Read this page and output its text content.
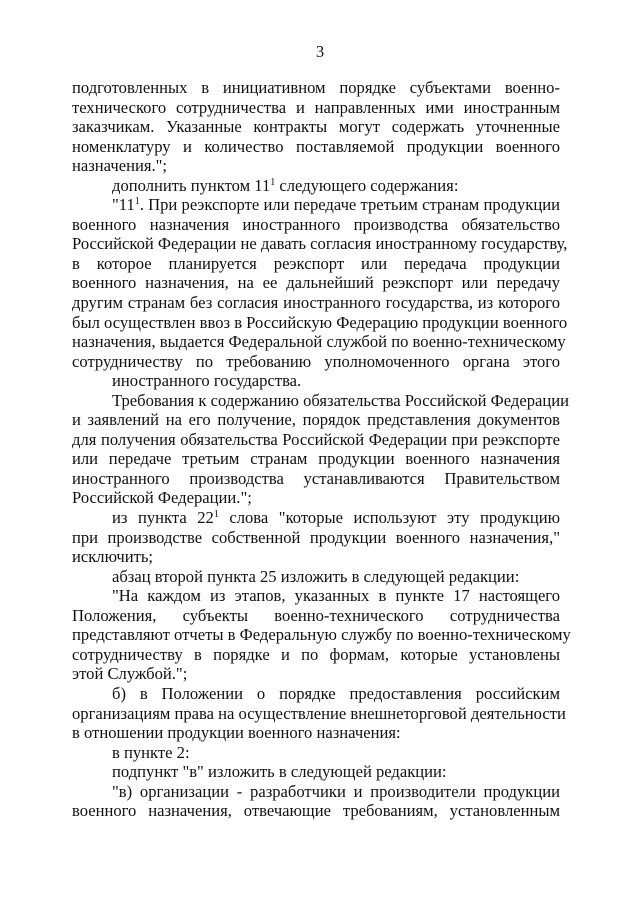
3
подготовленных в инициативном порядке субъектами военно-
технического сотрудничества и направленных ими иностранным
заказчикам. Указанные контракты могут содержать уточненные
номенклатуру и количество поставляемой продукции военного
назначения.";
дополнить пунктом $11^1$ следующего содержания:
"$11^1$. При реэкспорте или передаче третьим странам продукции
военного назначения иностранного производства обязательство
Российской Федерации не давать согласия иностранному государству,
в которое планируется реэкспорт или передача продукции
военного назначения, на ее дальнейший реэкспорт или передачу
другим странам без согласия иностранного государства, из которого
был осуществлен ввоз в Российскую Федерацию продукции военного
назначения, выдается Федеральной службой по военно-техническому
сотрудничеству по требованию уполномоченного органа этого
иностранного государства.
Требования к содержанию обязательства Российской Федерации
и заявлений на его получение, порядок представления документов
для получения обязательства Российской Федерации при реэкспорте
или передаче третьим странам продукции военного назначения
иностранного производства устанавливаются Правительством
Российской Федерации.";
из пункта $22^1$ слова "которые используют эту продукцию
при производстве собственной продукции военного назначения,"
исключить;
абзац второй пункта 25 изложить в следующей редакции:
"На каждом из этапов, указанных в пункте 17 настоящего
Положения, субъекты военно-технического сотрудничества
представляют отчеты в Федеральную службу по военно-техническому
сотрудничеству в порядке и по формам, которые установлены
этой Службой.";
б) в Положении о порядке предоставления российским
организациям права на осуществление внешнеторговой деятельности
в отношении продукции военного назначения:
в пункте 2:
подпункт "в" изложить в следующей редакции:
"в) организации - разработчики и производители продукции
военного назначения, отвечающие требованиям, установленным
